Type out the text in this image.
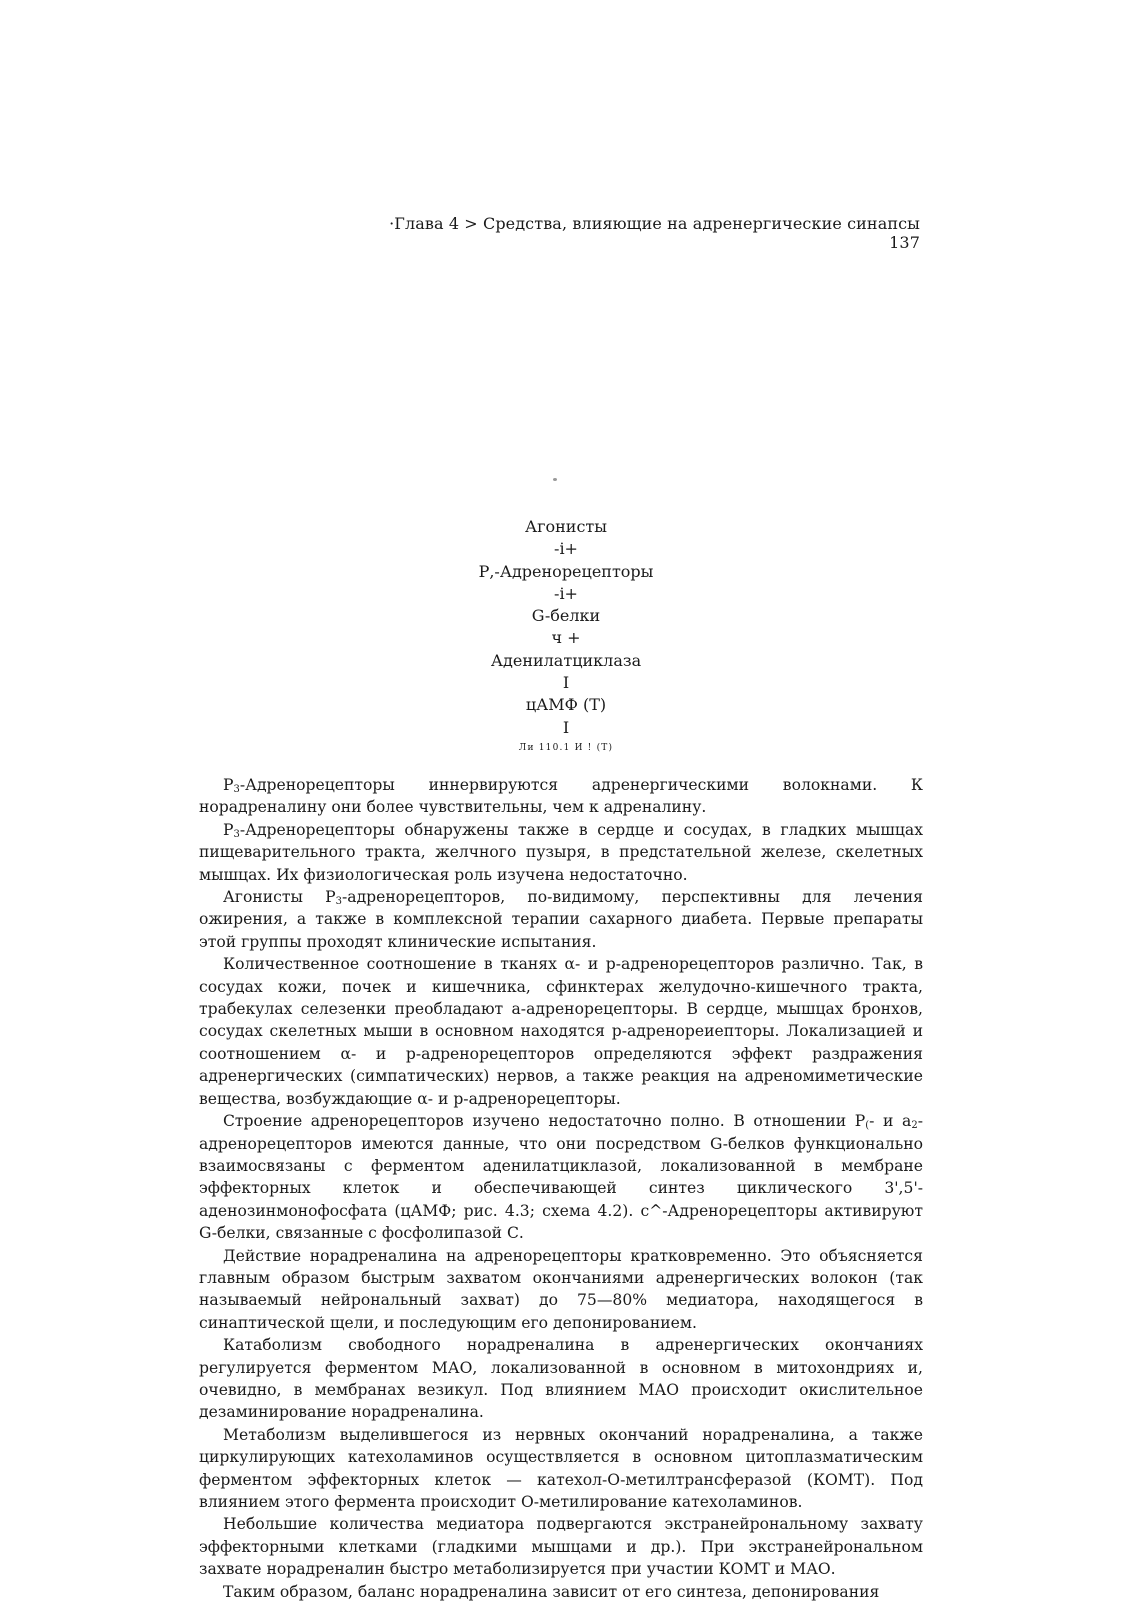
·Глава 4 > Средства, влияющие на адренергические синапсы 137
Агонисты
-i+
Р,-Адренорецепторы
-i+
G-белки
ч +
Аденилатциклаза
I
цАМФ (Т)
I
Ли 110.1 И ! (Т)

$Р_3$-Адренорецепторы иннервируются адренергическими волокнами. К норадреналину они более чувствительны, чем к адреналину.

$Р_3$-Адренорецепторы обнаружены также в сердце и сосудах, в гладких мышцах пищеварительного тракта, желчного пузыря, в предстательной железе, скелетных мышцах. Их физиологическая роль изучена недостаточно.

Агонисты $Р_3$-адренорецепторов, по-видимому, перспективны для лечения ожирения, а также в комплексной терапии сахарного диабета. Первые препараты этой группы проходят клинические испытания.

Количественное соотношение в тканях α- и р-адренорецепторов различно. Так, в сосудах кожи, почек и кишечника, сфинктерах желудочно-кишечного тракта, трабекулах селезенки преобладают а-адренорецепторы. В сердце, мышцах бронхов, сосудах скелетных мыши в основном находятся р-адренореиепторы. Локализацией и соотношением α- и р-адренорецепторов определяются эффект раздражения адренергических (симпатических) нервов, а также реакция на адреномиметические вещества, возбуждающие α- и р-адренорецепторы.

Строение адренорецепторов изучено недостаточно полно. В отношении $Р_(-$ и $а_2$-адренорецепторов имеются данные, что они посредством G-белков функционально взаимосвязаны с ферментом аденилатциклазой, локализованной в мембране эффекторных клеток и обеспечивающей синтез циклического 3',5'-аденозинмонофосфата (цАМФ; рис. 4.3; схема 4.2). с^-Адренорецепторы активируют G-белки, связанные с фосфолипазой С.

Действие норадреналина на адренорецепторы кратковременно. Это объясняется главным образом быстрым захватом окончаниями адренергических волокон (так называемый нейрональный захват) до 75—80% медиатора, находящегося в синаптической щели, и последующим его депонированием.

Катаболизм свободного норадреналина в адренергических окончаниях регулируется ферментом МАО, локализованной в основном в митохондриях и, очевидно, в мембранах везикул. Под влиянием МАО происходит окислительное дезаминирование норадреналина.

Метаболизм выделившегося из нервных окончаний норадреналина, а также циркулирующих катехоламинов осуществляется в основном цитоплазматическим ферментом эффекторных клеток — катехол-О-метилтрансферазой (КОМТ). Под влиянием этого фермента происходит О-метилирование катехоламинов.

Небольшие количества медиатора подвергаются экстранейрональному захвату эффекторными клетками (гладкими мышцами и др.). При экстранейрональном захвате норадреналин быстро метаболизируется при участии КОМТ и МАО.

Таким образом, баланс норадреналина зависит от его синтеза, депонирования
